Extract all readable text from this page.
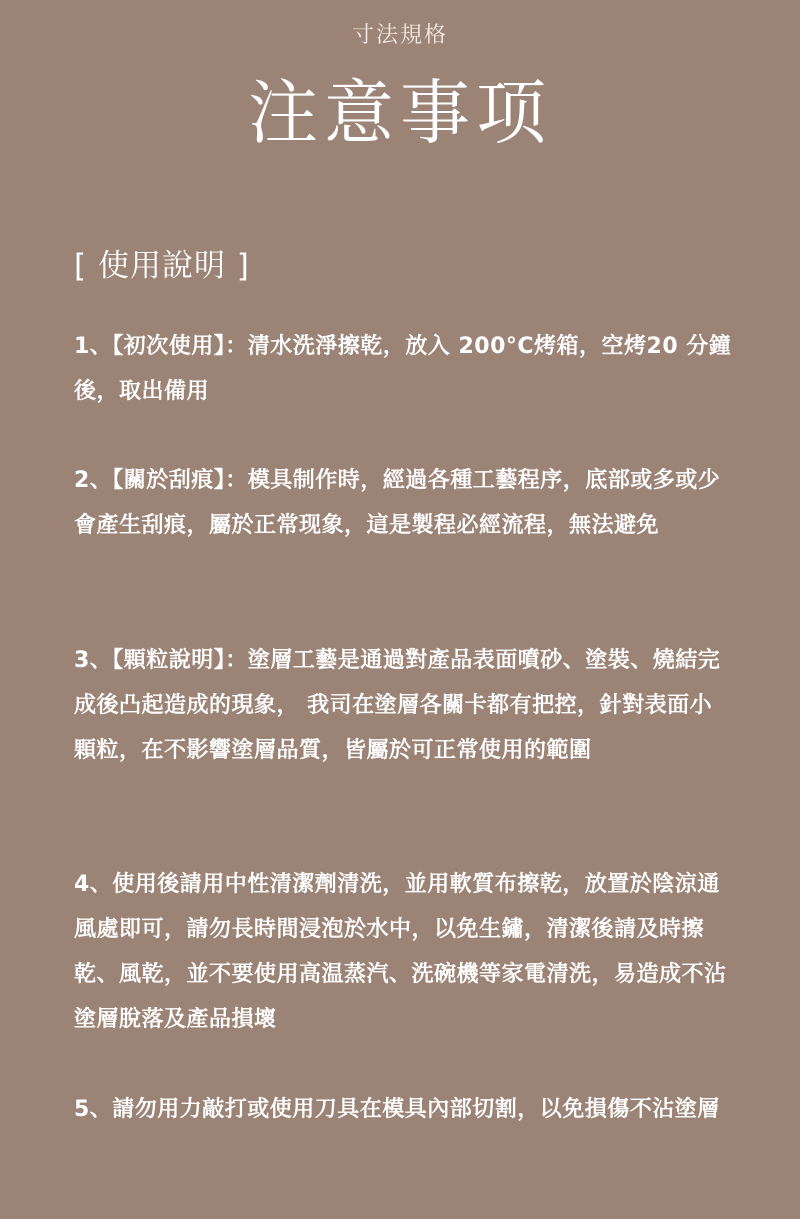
寸法規格
注意事项
[ 使用說明 ]
1、【初次使用】：清水洗淨擦乾，放入 200°C烤箱，空烤20 分鐘後，取出備用
2、【關於刮痕】：模具制作時，經過各種工藝程序，底部或多或少會產生刮痕，屬於正常现象，這是製程必經流程，無法避免
3、【顆粒說明】：塗層工藝是通過對產品表面噴砂、塗裝、燒結完成後凸起造成的現象， 我司在塗層各關卡都有把控，針對表面小顆粒，在不影響塗層品質，皆屬於可正常使用的範圍
4、使用後請用中性清潔劑清洗，並用軟質布擦乾，放置於陰涼通風處即可，請勿長時間浸泡於水中，以免生鏽，清潔後請及時擦乾、風乾，並不要使用高温蒸汽、洗碗機等家電清洗，易造成不沾塗層脫落及產品損壞
5、請勿用力敲打或使用刀具在模具內部切割，以免損傷不沾塗層
